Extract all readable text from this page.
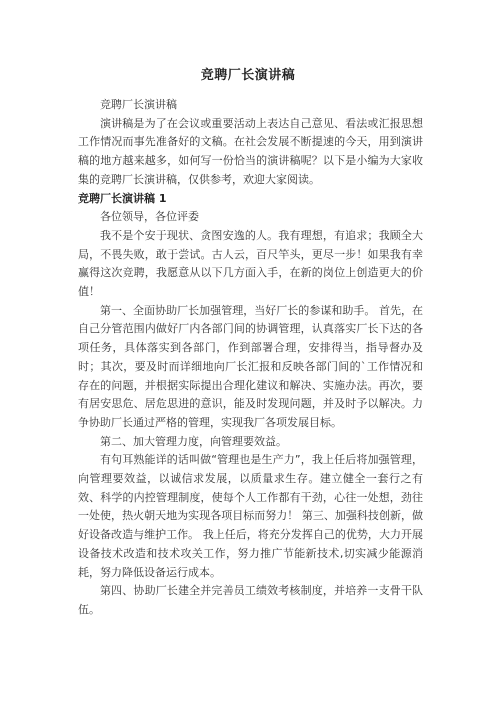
竞聘厂长演讲稿

竞聘厂长演讲稿

演讲稿是为了在会议或重要活动上表达自己意见、看法或汇报思想工作情况而事先准备好的文稿。在社会发展不断提速的今天，用到演讲稿的地方越来越多，如何写一份恰当的演讲稿呢？以下是小编为大家收集的竞聘厂长演讲稿，仅供参考，欢迎大家阅读。

竞聘厂长演讲稿 1

各位领导，各位评委

我不是个安于现状、贪图安逸的人。我有理想，有追求；我顾全大局，不畏失败，敢于尝试。古人云，百尺竿头，更尽一步！如果我有幸赢得这次竞聘，我愿意从以下几方面入手，在新的岗位上创造更大的价值！

第一、全面协助厂长加强管理，当好厂长的参谋和助手。 首先，在自己分管范围内做好厂内各部门间的协调管理，认真落实厂长下达的各项任务，具体落实到各部门，作到部署合理，安排得当，指导督办及时；其次，要及时而详细地向厂长汇报和反映各部门间的`工作情况和存在的问题，并根据实际提出合理化建议和解决、实施办法。再次，要有居安思危、居危思进的意识，能及时发现问题，并及时予以解决。力争协助厂长通过严格的管理，实现我厂各项发展目标。

第二、加大管理力度，向管理要效益。

有句耳熟能详的话叫做“管理也是生产力”，我上任后将加强管理，向管理要效益，以诚信求发展，以质量求生存。建立健全一套行之有效、科学的内控管理制度，使每个人工作都有干劲，心往一处想，劲往一处使，热火朝天地为实现各项目标而努力！ 第三、加强科技创新，做好设备改造与维护工作。 我上任后，将充分发挥自己的优势，大力开展设备技术改造和技术攻关工作，努力推广节能新技术,切实减少能源消耗，努力降低设备运行成本。

第四、协助厂长建全并完善员工绩效考核制度，并培养一支骨干队伍。
